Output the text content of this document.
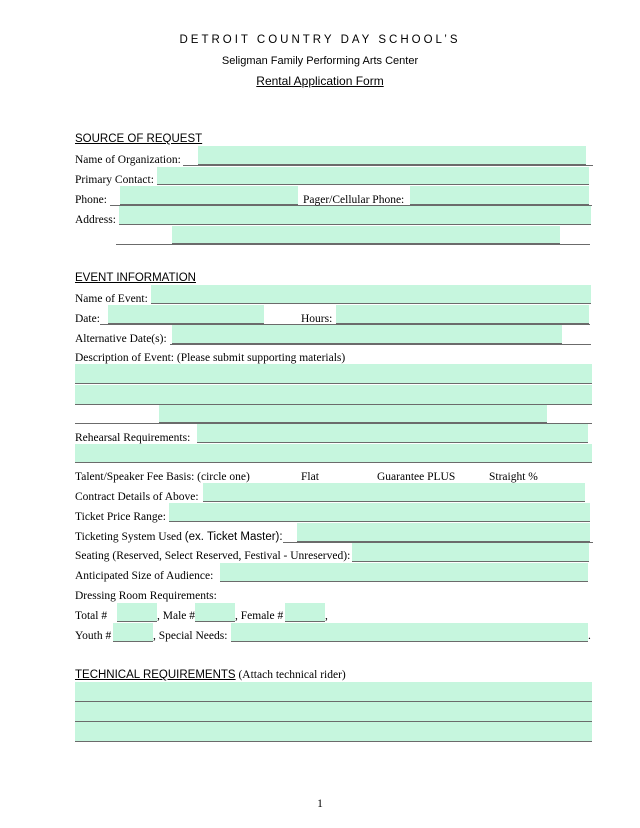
DETROIT COUNTRY DAY SCHOOL’S
Seligman Family Performing Arts Center
Rental Application Form
SOURCE OF REQUEST
Name of Organization:
Primary Contact:
Phone:	Pager/Cellular Phone:
Address:
EVENT INFORMATION
Name of Event:
Date:	Hours:
Alternative Date(s):
Description of Event: (Please submit supporting materials)
Rehearsal Requirements:
Talent/Speaker Fee Basis: (circle one)	Flat	Guarantee PLUS	Straight %
Contract Details of Above:
Ticket Price Range:
Ticketing System Used (ex. Ticket Master):
Seating (Reserved, Select Reserved, Festival - Unreserved):
Anticipated Size of Audience:
Dressing Room Requirements:
Total #	, Male #	, Female #	,
Youth #	, Special Needs:	.
TECHNICAL REQUIREMENTS (Attach technical rider)
1
